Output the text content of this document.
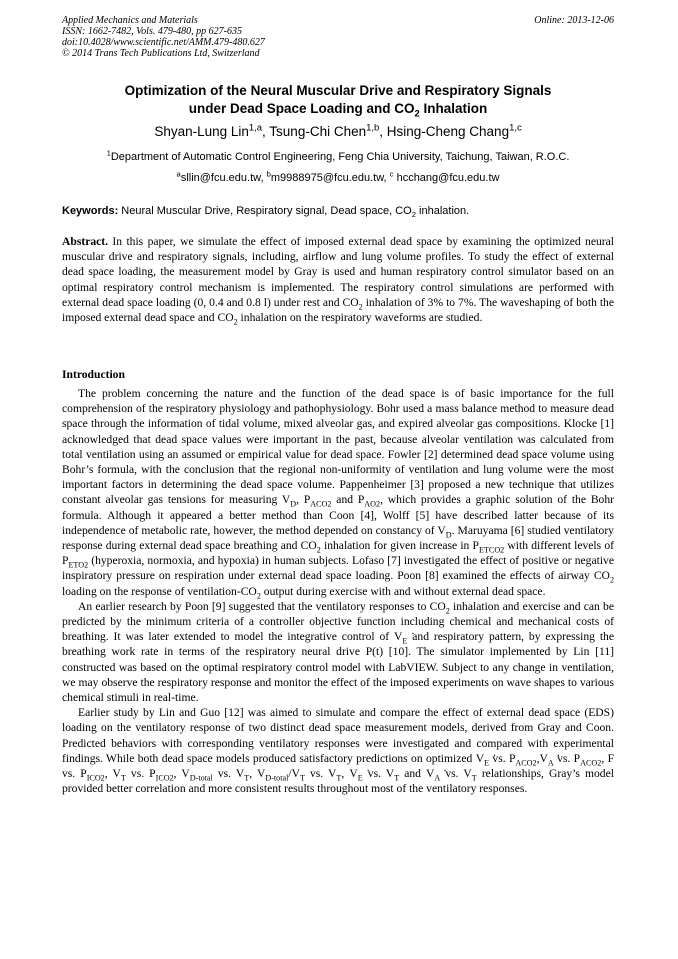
Applied Mechanics and Materials
ISSN: 1662-7482, Vols. 479-480, pp 627-635
doi:10.4028/www.scientific.net/AMM.479-480.627
© 2014 Trans Tech Publications Ltd, Switzerland
Online: 2013-12-06
Optimization of the Neural Muscular Drive and Respiratory Signals
under Dead Space Loading and $CO_2$ Inhalation
Shyan-Lung Lin$^{1,a}$, Tsung-Chi Chen$^{1,b}$, Hsing-Cheng Chang$^{1,c}$
$^1$Department of Automatic Control Engineering, Feng Chia University, Taichung, Taiwan, R.O.C.
$^a$sllin@fcu.edu.tw, $^b$m9988975@fcu.edu.tw, $^c$ hcchang@fcu.edu.tw
Keywords: Neural Muscular Drive, Respiratory signal, Dead space, $CO_2$ inhalation.
Abstract. In this paper, we simulate the effect of imposed external dead space by examining the optimized neural muscular drive and respiratory signals, including, airflow and lung volume profiles. To study the effect of external dead space loading, the measurement model by Gray is used and human respiratory control simulator based on an optimal respiratory control mechanism is implemented. The respiratory control simulations are performed with external dead space loading (0, 0.4 and 0.8 l) under rest and $CO_2$ inhalation of 3% to 7%. The waveshaping of both the imposed external dead space and $CO_2$ inhalation on the respiratory waveforms are studied.
Introduction

The problem concerning the nature and the function of the dead space is of basic importance for the full comprehension of the respiratory physiology and pathophysiology. Bohr used a mass balance method to measure dead space through the information of tidal volume, mixed alveolar gas, and expired alveolar gas compositions. Klocke [1] acknowledged that dead space values were important in the past, because alveolar ventilation was calculated from total ventilation using an assumed or empirical value for dead space. Fowler [2] determined dead space volume using Bohr’s formula, with the conclusion that the regional non-uniformity of ventilation and lung volume were the most important factors in determining the dead space volume. Pappenheimer [3] proposed a new technique that utilizes constant alveolar gas tensions for measuring $V_D$, $P_{ACO2}$ and $P_{AO2}$, which provides a graphic solution of the Bohr formula. Although it appeared a better method than Coon [4], Wolff [5] have described latter because of its independence of metabolic rate, however, the method depended on constancy of $V_D$. Maruyama [6] studied ventilatory response during external dead space breathing and $CO_2$ inhalation for given increase in $P_{ETCO2}$ with different levels of $P_{ETO2}$ (hyperoxia, normoxia, and hypoxia) in human subjects. Lofaso [7] investigated the effect of positive or negative inspiratory pressure on respiration under external dead space loading. Poon [8] examined the effects of airway $CO_2$ loading on the response of ventilation-$CO_2$ output during exercise with and without external dead space.

An earlier research by Poon [9] suggested that the ventilatory responses to $CO_2$ inhalation and exercise and can be predicted by the minimum criteria of a controller objective function including chemical and mechanical costs of breathing. It was later extended to model the integrative control of . $V_E$ and respiratory pattern, by expressing the breathing work rate in terms of the respiratory neural drive P(t) [10]. The simulator implemented by Lin [11] constructed was based on the optimal respiratory control model with LabVIEW. Subject to any change in ventilation, we may observe the respiratory response and monitor the effect of the imposed experiments on wave shapes to various chemical stimuli in real-time.

Earlier study by Lin and Guo [12] was aimed to simulate and compare the effect of external dead space (EDS) loading on the ventilatory response of two distinct dead space measurement models, derived from Gray and Coon. Predicted behaviors with corresponding ventilatory responses were investigated and compared with experimental findings. While both dead space models produced satisfactory predictions on optimized . $V_E$ vs. $P_{ACO2}$,. $V_A$ vs. $P_{ACO2}$, F vs. $P_{ICO2}$, $V_T$ vs. $P_{ICO2}$, $V_{D-total}$ vs. $V_T$, $V_{D-total}/V_T$ vs. $V_T$, . $V_E$ vs. $V_T$ and . $V_A$ vs. $V_T$ relationships, Gray’s model provided better correlation and more consistent results throughout most of the ventilatory responses.
